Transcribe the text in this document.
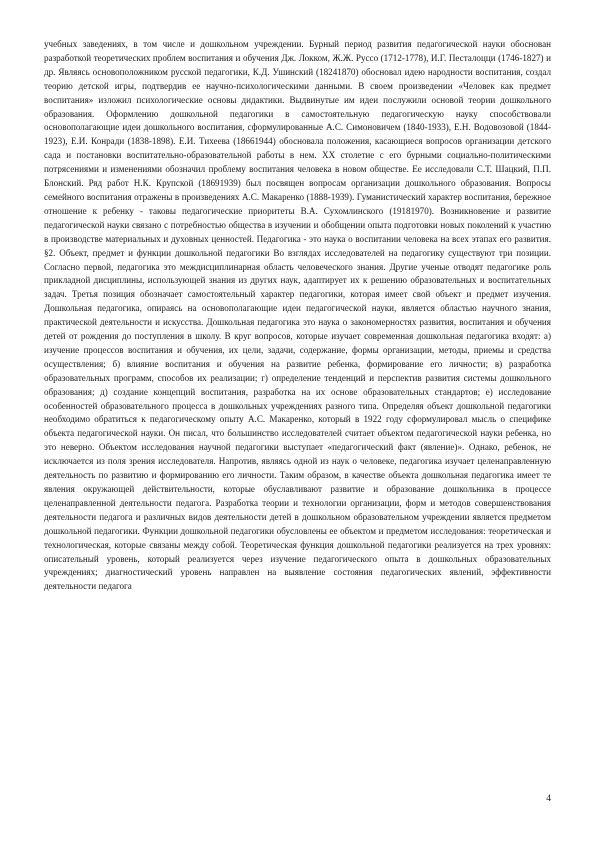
учебных заведениях, в том числе и дошкольном учреждении. Бурный период развития педагогической науки обоснован разработкой теоретических проблем воспитания и обучения Дж. Локком, Ж.Ж. Руссо (1712-1778), И.Г. Песталоцци (1746-1827) и др. Являясь основоположником русской педагогики, К.Д. Ушинский (18241870) обосновал идею народности воспитания, создал теорию детской игры, подтвердив ее научно-психологическими данными. В своем произведении «Человек как предмет воспитания» изложил психологические основы дидактики. Выдвинутые им идеи послужили основой теории дошкольного образования. Оформлению дошкольной педагогики в самостоятельную педагогическую науку способствовали основополагающие идеи дошкольного воспитания, сформулированные А.С. Симоновичем (1840-1933), Е.Н. Водовозовой (1844-1923), Е.И. Конради (1838-1898). Е.И. Тихеева (18661944) обосновала положения, касающиеся вопросов организации детского сада и постановки воспитательно-образовательной работы в нем. XX столетие с его бурными социально-политическими потрясениями и изменениями обозначил проблему воспитания человека в новом обществе. Ее исследовали С.Т. Шацкий, П.П. Блонский. Ряд работ Н.К. Крупской (18691939) был посвящен вопросам организации дошкольного образования. Вопросы семейного воспитания отражены в произведениях А.С. Макаренко (1888-1939). Гуманистический характер воспитания, бережное отношение к ребенку - таковы педагогические приоритеты В.А. Сухомлинского (19181970). Возникновение и развитие педагогической науки связано с потребностью общества в изучении и обобщении опыта подготовки новых поколений к участию в производстве материальных и духовных ценностей. Педагогика - это наука о воспитании человека на всех этапах его развития. §2. Объект, предмет и функции дошкольной педагогики Во взглядах исследователей на педагогику существуют три позиции. Согласно первой, педагогика это междисциплинарная область человеческого знания. Другие ученые отводят педагогике роль прикладной дисциплины, использующей знания из других наук, адаптирует их к решению образовательных и воспитательных задач. Третья позиция обозначает самостоятельный характер педагогики, которая имеет свой объект и предмет изучения. Дошкольная педагогика, опираясь на основополагающие идеи педагогической науки, является областью научного знания, практической деятельности и искусства. Дошкольная педагогика это наука о закономерностях развития, воспитания и обучения детей от рождения до поступления в школу. В круг вопросов, которые изучает современная дошкольная педагогика входят: а) изучение процессов воспитания и обучения, их цели, задачи, содержание, формы организации, методы, приемы и средства осуществления; б) влияние воспитания и обучения на развитие ребенка, формирование его личности; в) разработка образовательных программ, способов их реализации; г) определение тенденций и перспектив развития системы дошкольного образования; д) создание концепций воспитания, разработка на их основе образовательных стандартов; е) исследование особенностей образовательного процесса в дошкольных учреждениях разного типа. Определяя объект дошкольной педагогики необходимо обратиться к педагогическому опыту А.С. Макаренко, который в 1922 году сформулировал мысль о специфике объекта педагогической науки. Он писал, что большинство исследователей считает объектом педагогической науки ребенка, но это неверно. Объектом исследования научной педагогики выступает «педагогический факт (явление)». Однако, ребенок, не исключается из поля зрения исследователя. Напротив, являясь одной из наук о человеке, педагогика изучает целенаправленную деятельность по развитию и формированию его личности. Таким образом, в качестве объекта дошкольная педагогика имеет те явления окружающей действительности, которые обуславливают развитие и образование дошкольника в процессе целенаправленной деятельности педагога. Разработка теории и технологии организации, форм и методов совершенствования деятельности педагога и различных видов деятельности детей в дошкольном образовательном учреждении является предметом дошкольной педагогики. Функции дошкольной педагогики обусловлены ее объектом и предметом исследования: теоретическая и технологическая, которые связаны между собой. Теоретическая функция дошкольной педагогики реализуется на трех уровнях: описательный уровень, который реализуется через изучение педагогического опыта в дошкольных образовательных учреждениях; диагностический уровень направлен на выявление состояния педагогических явлений, эффективности деятельности педагога

4
